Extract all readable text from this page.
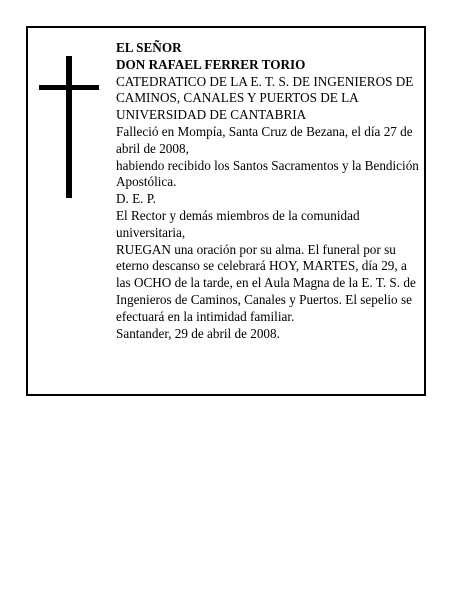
EL SEÑOR

DON RAFAEL FERRER TORIO

CATEDRATICO DE LA E. T. S. DE INGENIEROS DE CAMINOS, CANALES Y PUERTOS DE LA UNIVERSIDAD DE CANTABRIA

Falleció en Mompía, Santa Cruz de Bezana, el día 27 de abril de 2008,

habiendo recibido los Santos Sacramentos y la Bendición Apostólica.

D. E. P.

El Rector y demás miembros de la comunidad universitaria,

RUEGAN una oración por su alma. El funeral por su eterno descanso se celebrará HOY, MARTES, día 29, a las OCHO de la tarde, en el Aula Magna de la E. T. S. de Ingenieros de Caminos, Canales y Puertos. El sepelio se efectuará en la intimidad familiar.

Santander, 29 de abril de 2008.
